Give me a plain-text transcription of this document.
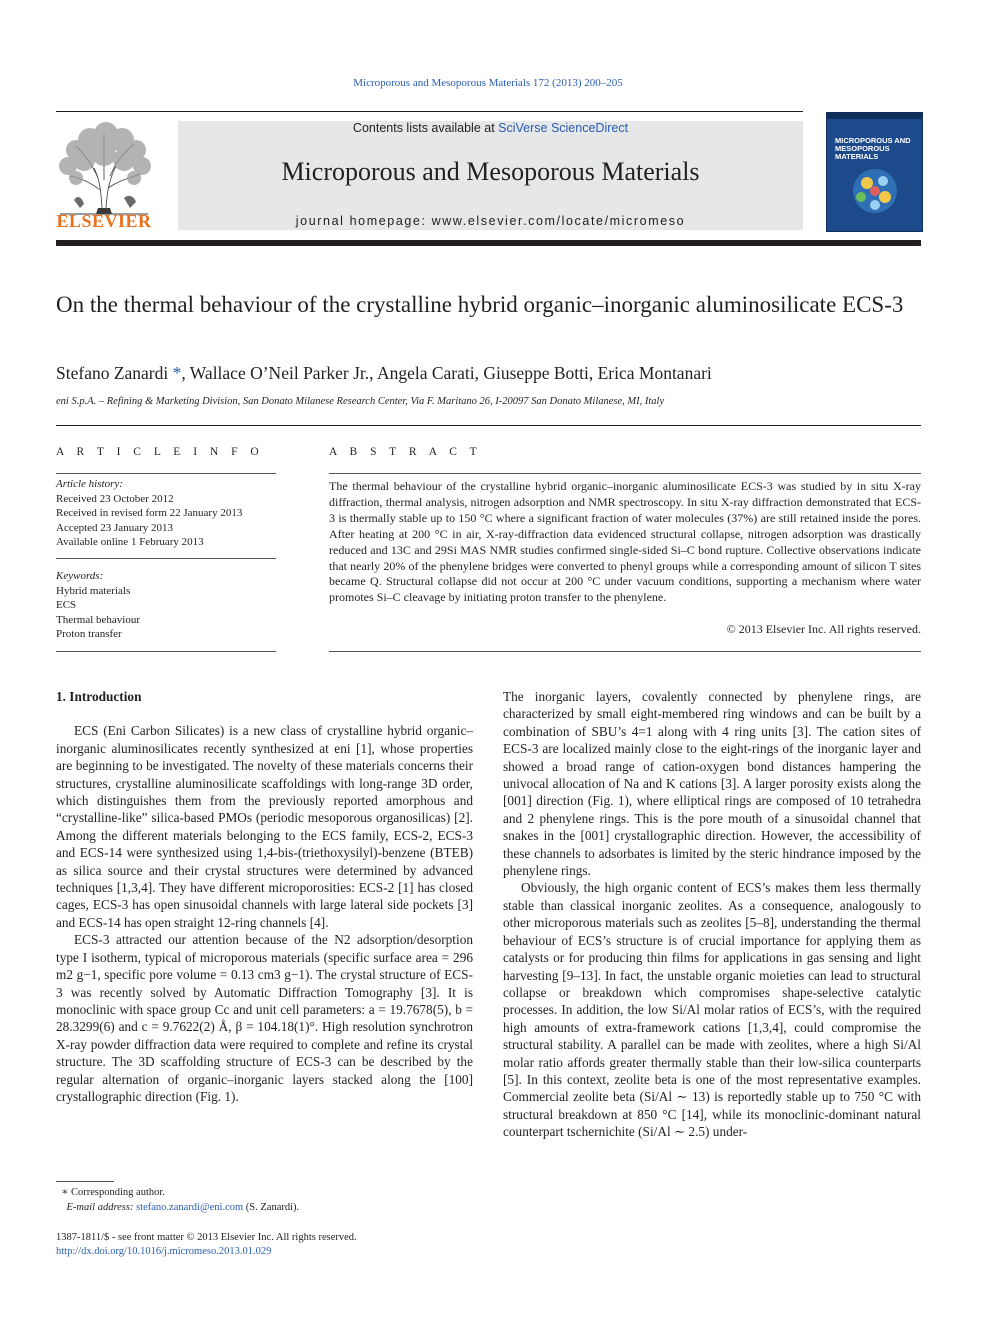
Microporous and Mesoporous Materials 172 (2013) 200–205
ELSEVIER
Contents lists available at SciVerse ScienceDirect
Microporous and Mesoporous Materials
journal homepage: www.elsevier.com/locate/micromeso
MICROPOROUS AND MESOPOROUS MATERIALS
On the thermal behaviour of the crystalline hybrid organic–inorganic aluminosilicate ECS-3
Stefano Zanardi *, Wallace O’Neil Parker Jr., Angela Carati, Giuseppe Botti, Erica Montanari
eni S.p.A. – Refining & Marketing Division, San Donato Milanese Research Center, Via F. Maritano 26, I-20097 San Donato Milanese, MI, Italy
A R T I C L E I N F O
Article history:
Received 23 October 2012
Received in revised form 22 January 2013
Accepted 23 January 2013
Available online 1 February 2013
Keywords:
Hybrid materials
ECS
Thermal behaviour
Proton transfer
A B S T R A C T
The thermal behaviour of the crystalline hybrid organic–inorganic aluminosilicate ECS-3 was studied by in situ X-ray diffraction, thermal analysis, nitrogen adsorption and NMR spectroscopy. In situ X-ray diffraction demonstrated that ECS-3 is thermally stable up to 150 °C where a significant fraction of water molecules (37%) are still retained inside the pores. After heating at 200 °C in air, X-ray-diffraction data evidenced structural collapse, nitrogen adsorption was drastically reduced and 13C and 29Si MAS NMR studies confirmed single-sided Si–C bond rupture. Collective observations indicate that nearly 20% of the phenylene bridges were converted to phenyl groups while a corresponding amount of silicon T sites became Q. Structural collapse did not occur at 200 °C under vacuum conditions, supporting a mechanism where water promotes Si–C cleavage by initiating proton transfer to the phenylene.
© 2013 Elsevier Inc. All rights reserved.
1. Introduction

ECS (Eni Carbon Silicates) is a new class of crystalline hybrid organic–inorganic aluminosilicates recently synthesized at eni [1], whose properties are beginning to be investigated. The novelty of these materials concerns their structures, crystalline aluminosilicate scaffoldings with long-range 3D order, which distinguishes them from the previously reported amorphous and “crystalline-like” silica-based PMOs (periodic mesoporous organosilicas) [2]. Among the different materials belonging to the ECS family, ECS-2, ECS-3 and ECS-14 were synthesized using 1,4-bis-(triethoxysilyl)-benzene (BTEB) as silica source and their crystal structures were determined by advanced techniques [1,3,4]. They have different microporosities: ECS-2 [1] has closed cages, ECS-3 has open sinusoidal channels with large lateral side pockets [3] and ECS-14 has open straight 12-ring channels [4].

ECS-3 attracted our attention because of the N2 adsorption/desorption type I isotherm, typical of microporous materials (specific surface area = 296 m2 g−1, specific pore volume = 0.13 cm3 g−1). The crystal structure of ECS-3 was recently solved by Automatic Diffraction Tomography [3]. It is monoclinic with space group Cc and unit cell parameters: a = 19.7678(5), b = 28.3299(6) and c = 9.7622(2) Å, β = 104.18(1)°. High resolution synchrotron X-ray powder diffraction data were required to complete and refine its crystal structure. The 3D scaffolding structure of ECS-3 can be described by the regular alternation of organic–inorganic layers stacked along the [100] crystallographic direction (Fig. 1).

The inorganic layers, covalently connected by phenylene rings, are characterized by small eight-membered ring windows and can be built by a combination of SBU’s 4=1 along with 4 ring units [3]. The cation sites of ECS-3 are localized mainly close to the eight-rings of the inorganic layer and showed a broad range of cation-oxygen bond distances hampering the univocal allocation of Na and K cations [3]. A larger porosity exists along the [001] direction (Fig. 1), where elliptical rings are composed of 10 tetrahedra and 2 phenylene rings. This is the pore mouth of a sinusoidal channel that snakes in the [001] crystallographic direction. However, the accessibility of these channels to adsorbates is limited by the steric hindrance imposed by the phenylene rings.

Obviously, the high organic content of ECS’s makes them less thermally stable than classical inorganic zeolites. As a consequence, analogously to other microporous materials such as zeolites [5–8], understanding the thermal behaviour of ECS’s structure is of crucial importance for applying them as catalysts or for producing thin films for applications in gas sensing and light harvesting [9–13]. In fact, the unstable organic moieties can lead to structural collapse or breakdown which compromises shape-selective catalytic processes. In addition, the low Si/Al molar ratios of ECS’s, with the required high amounts of extra-framework cations [1,3,4], could compromise the structural stability. A parallel can be made with zeolites, where a high Si/Al molar ratio affords greater thermally stable than their low-silica counterparts [5]. In this context, zeolite beta is one of the most representative examples. Commercial zeolite beta (Si/Al ∼ 13) is reportedly stable up to 750 °C with structural breakdown at 850 °C [14], while its monoclinic-dominant natural counterpart tschernichite (Si/Al ∼ 2.5) under-

∗ Corresponding author.
E-mail address: stefano.zanardi@eni.com (S. Zanardi).
1387-1811/$ - see front matter © 2013 Elsevier Inc. All rights reserved.
http://dx.doi.org/10.1016/j.micromeso.2013.01.029
